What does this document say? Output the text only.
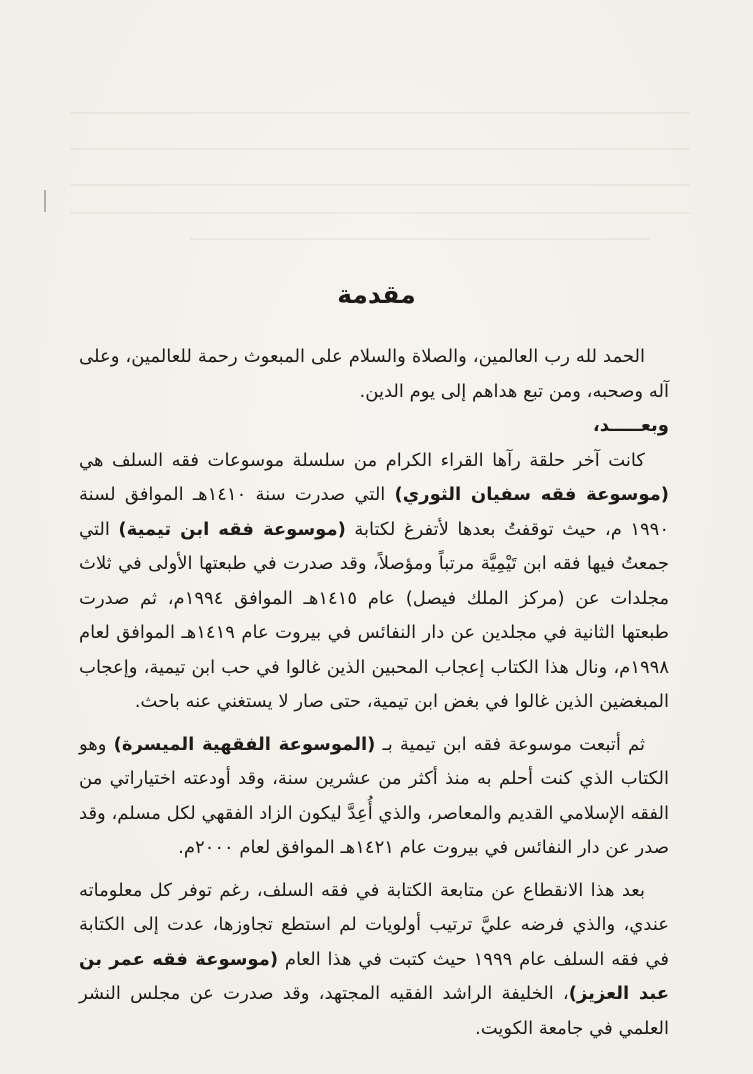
مقدمة

الحمد لله رب العالمين، والصلاة والسلام على المبعوث رحمة للعالمين، وعلى آله وصحبه، ومن تبع هداهم إلى يوم الدين.

وبعـــــد،

كانت آخر حلقة رآها القراء الكرام من سلسلة موسوعات فقه السلف هي (موسوعة فقه سفيان الثوري) التي صدرت سنة ١٤١٠هـ الموافق لسنة ١٩٩٠ م، حيث توقفتُ بعدها لأتفرغ لكتابة (موسوعة فقه ابن تيمية) التي جمعتُ فيها فقه ابن تَيْمِيَّة مرتباً ومؤصلاً، وقد صدرت في طبعتها الأولى في ثلاث مجلدات عن (مركز الملك فيصل) عام ١٤١٥هـ الموافق ١٩٩٤م، ثم صدرت طبعتها الثانية في مجلدين عن دار النفائس في بيروت عام ١٤١٩هـ الموافق لعام ١٩٩٨م، ونال هذا الكتاب إعجاب المحبين الذين غالوا في حب ابن تيمية، وإعجاب المبغضين الذين غالوا في بغض ابن تيمية، حتى صار لا يستغني عنه باحث.

ثم أتبعت موسوعة فقه ابن تيمية بـ (الموسوعة الفقهية الميسرة) وهو الكتاب الذي كنت أحلم به منذ أكثر من عشرين سنة، وقد أودعته اختياراتي من الفقه الإسلامي القديم والمعاصر، والذي أُعِدَّ ليكون الزاد الفقهي لكل مسلم، وقد صدر عن دار النفائس في بيروت عام ١٤٢١هـ الموافق لعام ٢٠٠٠م.

بعد هذا الانقطاع عن متابعة الكتابة في فقه السلف، رغم توفر كل معلوماته عندي، والذي فرضه عليَّ ترتيب أولويات لم استطع تجاوزها، عدت إلى الكتابة في فقه السلف عام ١٩٩٩ حيث كتبت في هذا العام (موسوعة فقه عمر بن عبد العزيز)، الخليفة الراشد الفقيه المجتهد، وقد صدرت عن مجلس النشر العلمي في جامعة الكويت.
